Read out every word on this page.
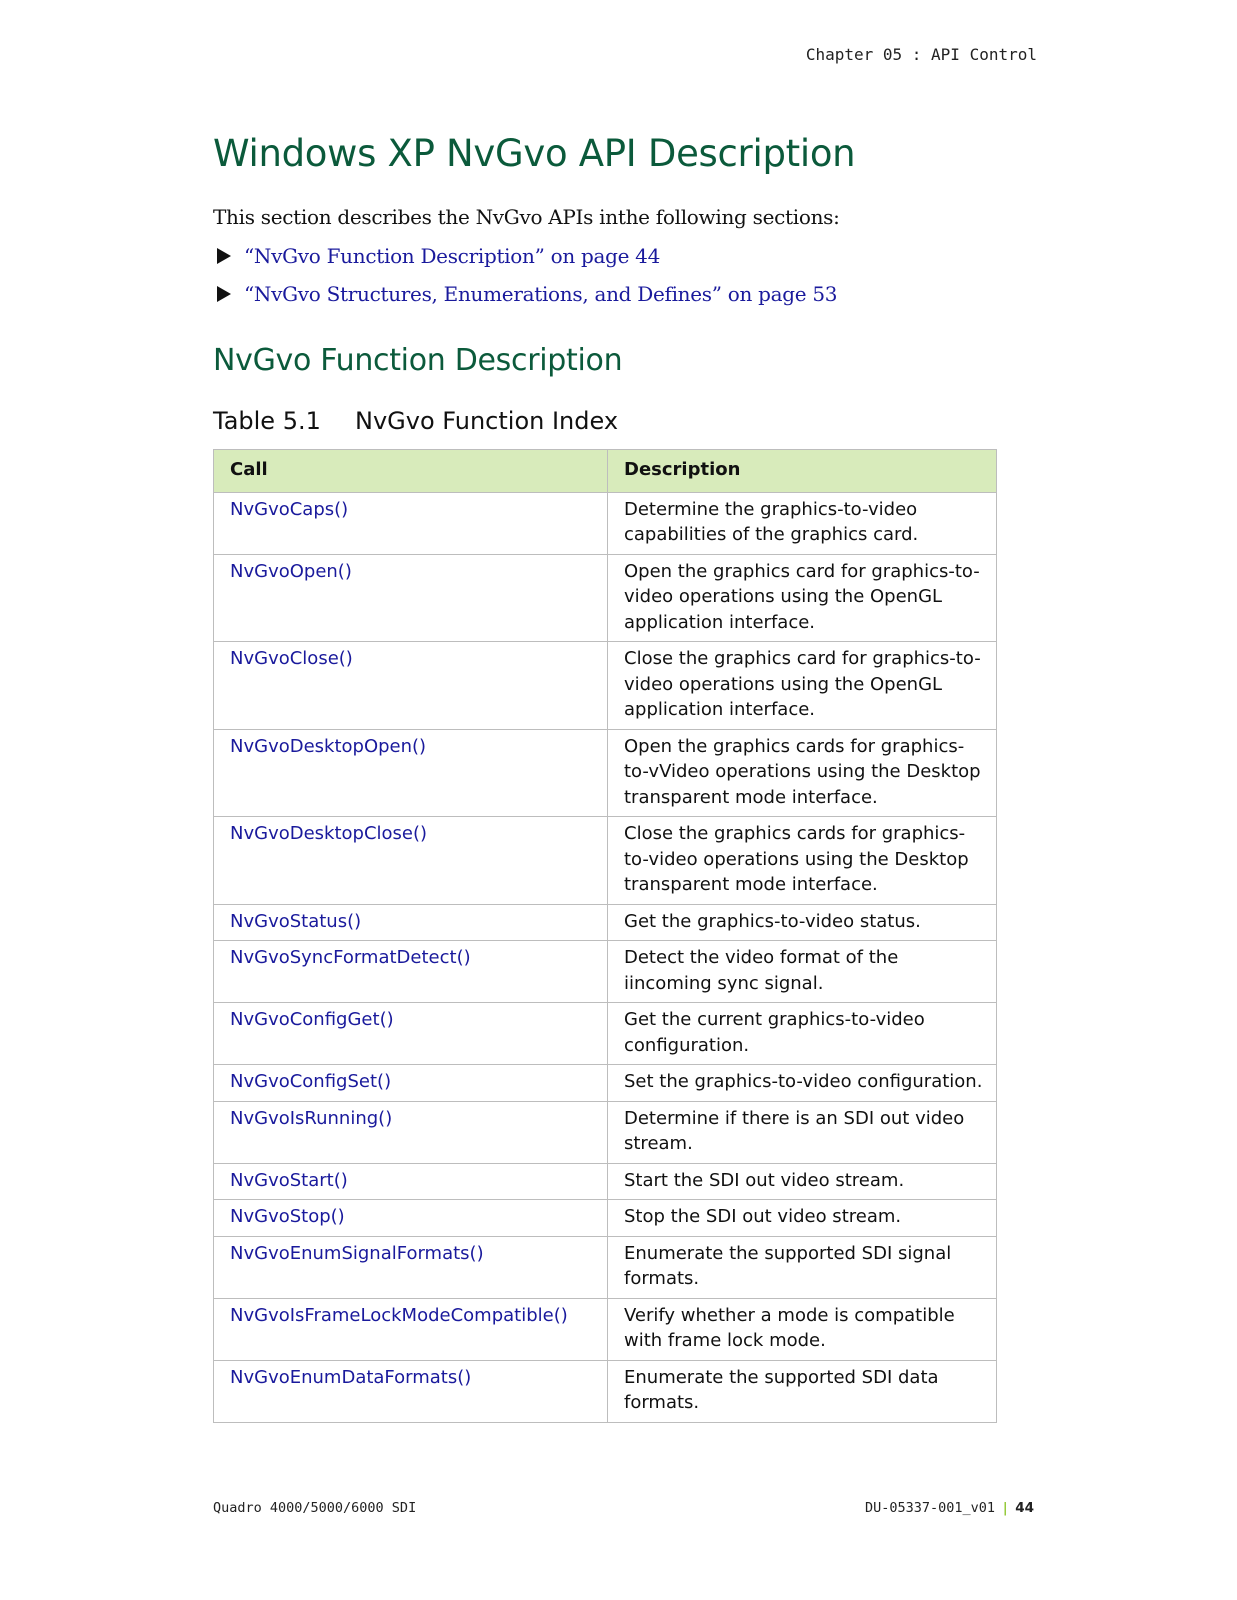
Chapter 05 : API Control
Windows XP NvGvo API Description
This section describes the NvGvo APIs inthe following sections:
“NvGvo Function Description” on page 44
“NvGvo Structures, Enumerations, and Defines” on page 53
NvGvo Function Description
Table 5.1 NvGvo Function Index
Call	Description
NvGvoCaps()	Determine the graphics-to-video capabilities of the graphics card.
NvGvoOpen()	Open the graphics card for graphics-to-video operations using the OpenGL application interface.
NvGvoClose()	Close the graphics card for graphics-to-video operations using the OpenGL application interface.
NvGvoDesktopOpen()	Open the graphics cards for graphics-to-vVideo operations using the Desktop transparent mode interface.
NvGvoDesktopClose()	Close the graphics cards for graphics-to-video operations using the Desktop transparent mode interface.
NvGvoStatus()	Get the graphics-to-video status.
NvGvoSyncFormatDetect()	Detect the video format of the iincoming sync signal.
NvGvoConfigGet()	Get the current graphics-to-video configuration.
NvGvoConfigSet()	Set the graphics-to-video configuration.
NvGvoIsRunning()	Determine if there is an SDI out video stream.
NvGvoStart()	Start the SDI out video stream.
NvGvoStop()	Stop the SDI out video stream.
NvGvoEnumSignalFormats()	Enumerate the supported SDI signal formats.
NvGvoIsFrameLockModeCompatible()	Verify whether a mode is compatible with frame lock mode.
NvGvoEnumDataFormats()	Enumerate the supported SDI data formats.
Quadro 4000/5000/6000 SDI	DU-05337-001_v01 | 44
